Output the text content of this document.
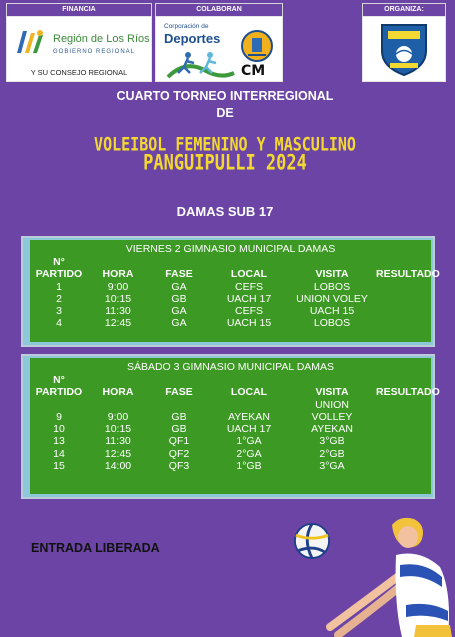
FINANCIA
Región de Los Ríos
GOBIERNO REGIONAL
Y SU CONSEJO REGIONAL
COLABORAN
Corporación de
Deportes
CM
ORGANIZA:
CUARTO TORNEO INTERREGIONAL
DE
VOLEIBOL FEMENINO Y MASCULINO
PANGUIPULLI 2024
DAMAS SUB 17
VIERNES 2 GIMNASIO MUNICIPAL DAMAS
N°					
PARTIDO	HORA	FASE	LOCAL	VISITA	RESULTADO
1	9:00	GA	CEFS	LOBOS	
2	10:15	GB	UACH 17	UNION VOLEY	
3	11:30	GA	CEFS	UACH 15	
4	12:45	GA	UACH 15	LOBOS	
SÁBADO 3 GIMNASIO MUNICIPAL DAMAS
N°					
PARTIDO	HORA	FASE	LOCAL	VISITA	RESULTADO
				UNION	
9	9:00	GB	AYEKAN	VOLLEY	
10	10:15	GB	UACH 17	AYEKAN	
13	11:30	QF1	1°GA	3°GB	
14	12:45	QF2	2°GA	2°GB	
15	14:00	QF3	1°GB	3°GA	
ENTRADA LIBERADA
